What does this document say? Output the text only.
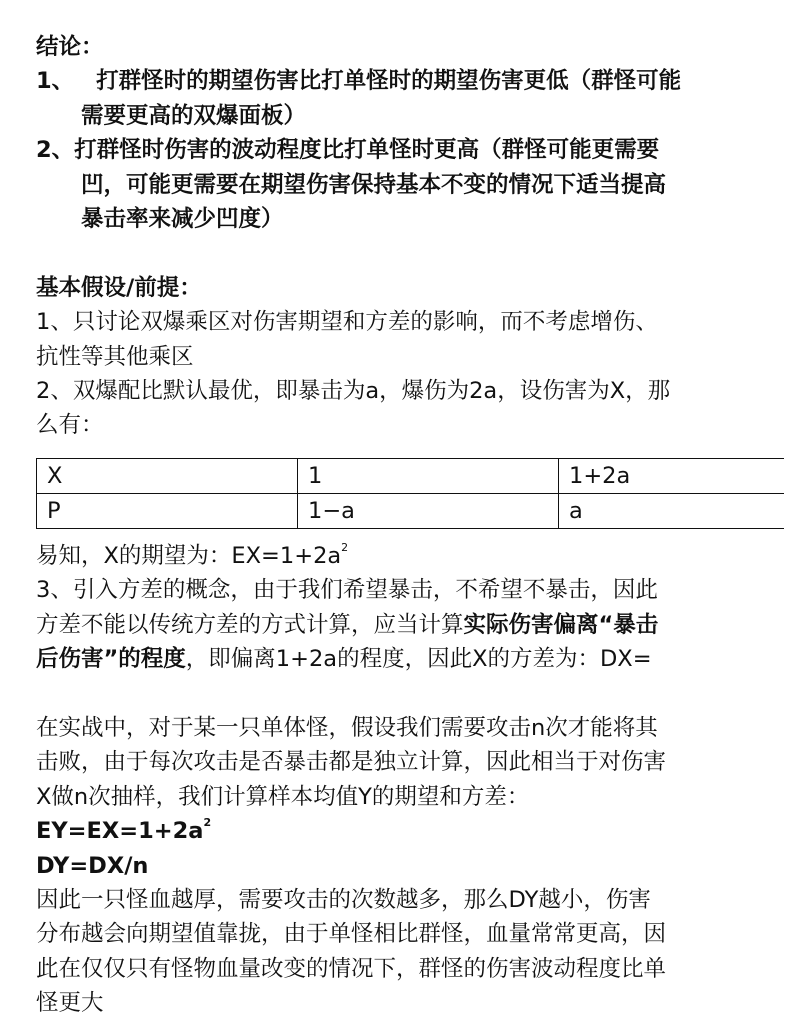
结论：
1、 打群怪时的期望伤害比打单怪时的期望伤害更低（群怪可能
需要更高的双爆面板）
2、打群怪时伤害的波动程度比打单怪时更高（群怪可能更需要
凹，可能更需要在期望伤害保持基本不变的情况下适当提高
暴击率来减少凹度）
基本假设/前提：
1、只讨论双爆乘区对伤害期望和方差的影响，而不考虑增伤、
抗性等其他乘区
2、双爆配比默认最优，即暴击为a，爆伤为2a，设伤害为X，那
么有：
X	1	1+2a
P	1−a	a
易知，X的期望为：$EX=1+2a^2$
3、引入方差的概念，由于我们希望暴击，不希望不暴击，因此
方差不能以传统方差的方式计算，应当计算实际伤害偏离“暴击
后伤害”的程度，即偏离1+2a的程度，因此X的方差为：DX=
在实战中，对于某一只单体怪，假设我们需要攻击n次才能将其
击败，由于每次攻击是否暴击都是独立计算，因此相当于对伤害
X做n次抽样，我们计算样本均值Y的期望和方差：
$EY=EX=1+2a^2$
DY=DX/n
因此一只怪血越厚，需要攻击的次数越多，那么DY越小，伤害
分布越会向期望值靠拢，由于单怪相比群怪，血量常常更高，因
此在仅仅只有怪物血量改变的情况下，群怪的伤害波动程度比单
怪更大
